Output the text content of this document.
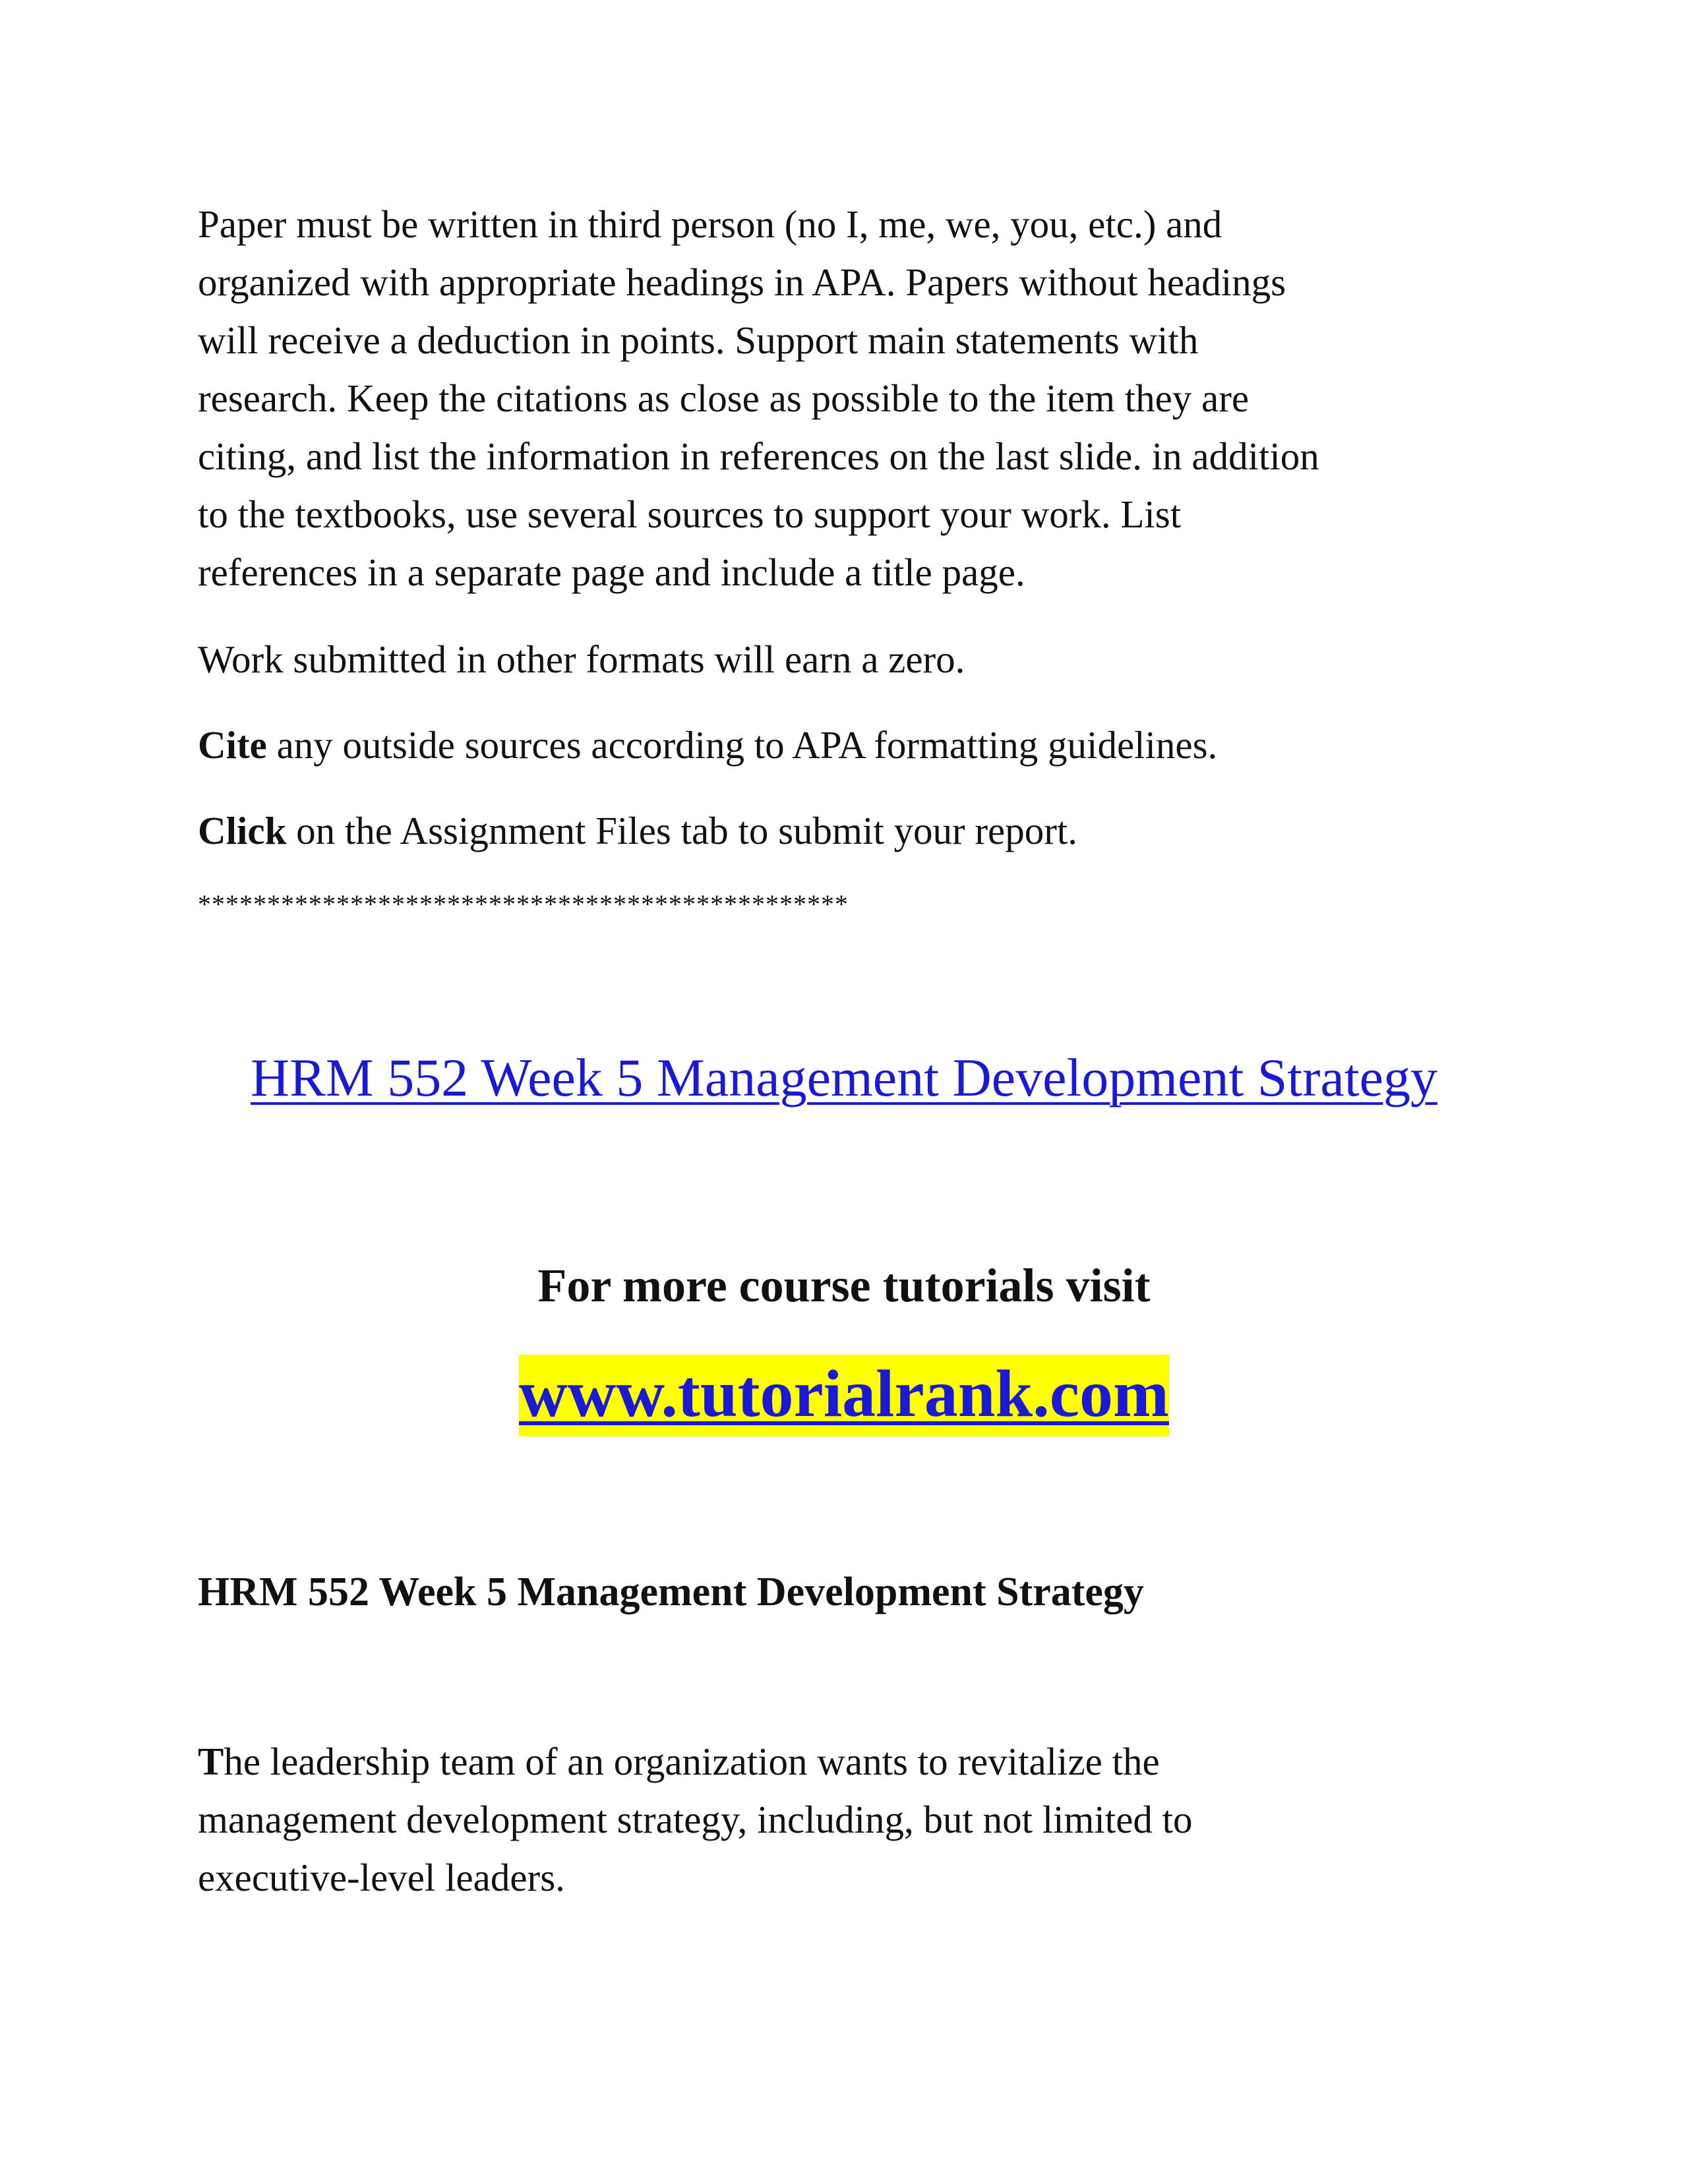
Paper must be written in third person (no I, me, we, you, etc.) and
organized with appropriate headings in APA. Papers without headings
will receive a deduction in points. Support main statements with
research. Keep the citations as close as possible to the item they are
citing, and list the information in references on the last slide. in addition
to the textbooks, use several sources to support your work. List
references in a separate page and include a title page.

Work submitted in other formats will earn a zero.

Cite any outside sources according to APA formatting guidelines.

Click on the Assignment Files tab to submit your report.

***********************************************

HRM 552 Week 5 Management Development Strategy
For more course tutorials visit
www.tutorialrank.com

HRM 552 Week 5 Management Development Strategy

The leadership team of an organization wants to revitalize the
management development strategy, including, but not limited to
executive-level leaders.
